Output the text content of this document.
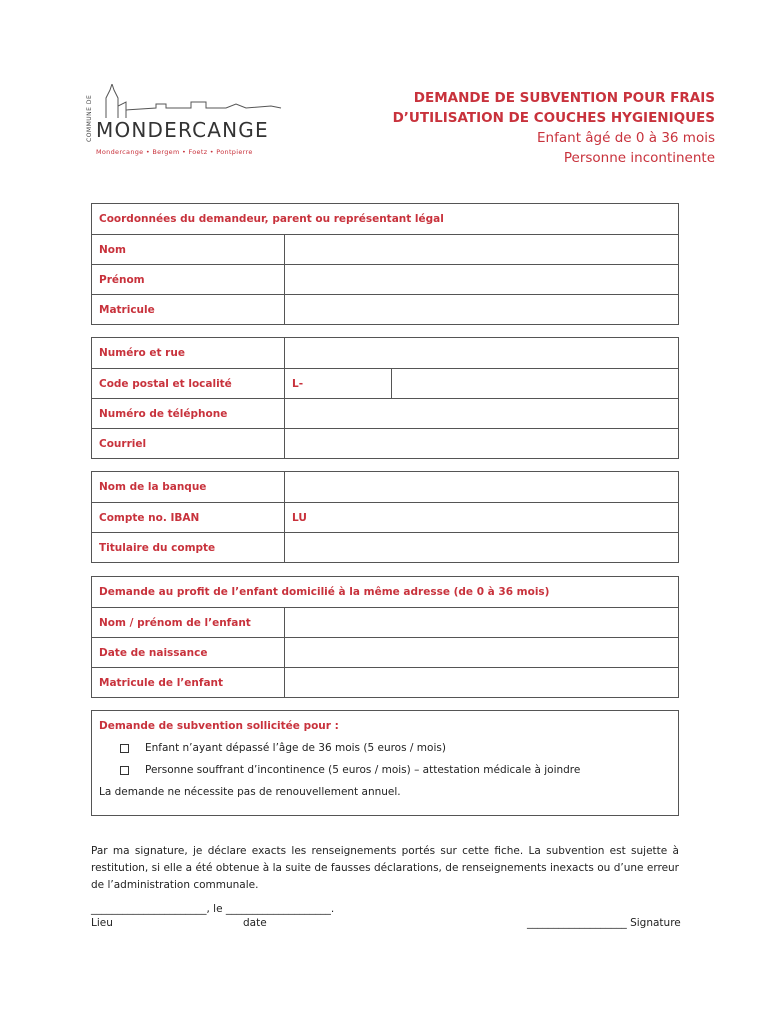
COMMUNE DE MONDERCANGE
Mondercange • Bergem • Foetz • Pontpierre
DEMANDE DE SUBVENTION POUR FRAIS
D’UTILISATION DE COUCHES HYGIENIQUES
Enfant âgé de 0 à 36 mois
Personne incontinente
Coordonnées du demandeur, parent ou représentant légal
Nom
Prénom
Matricule
Numéro et rue
Code postal et localité	L-
Numéro de téléphone
Courriel
Nom de la banque
Compte no. IBAN	LU
Titulaire du compte
Demande au profit de l’enfant domicilié à la même adresse (de 0 à 36 mois)
Nom / prénom de l’enfant
Date de naissance
Matricule de l’enfant
Demande de subvention sollicitée pour :
Enfant n’ayant dépassé l’âge de 36 mois (5 euros / mois)
Personne souffrant d’incontinence (5 euros / mois) – attestation médicale à joindre
La demande ne nécessite pas de renouvellement annuel.
Par ma signature, je déclare exacts les renseignements portés sur cette fiche. La subvention est sujette à restitution, si elle a été obtenue à la suite de fausses déclarations, de renseignements inexacts ou d’une erreur de l’administration communale.
______________________, le ____________________.
Lieu	date	___________________ Signature
